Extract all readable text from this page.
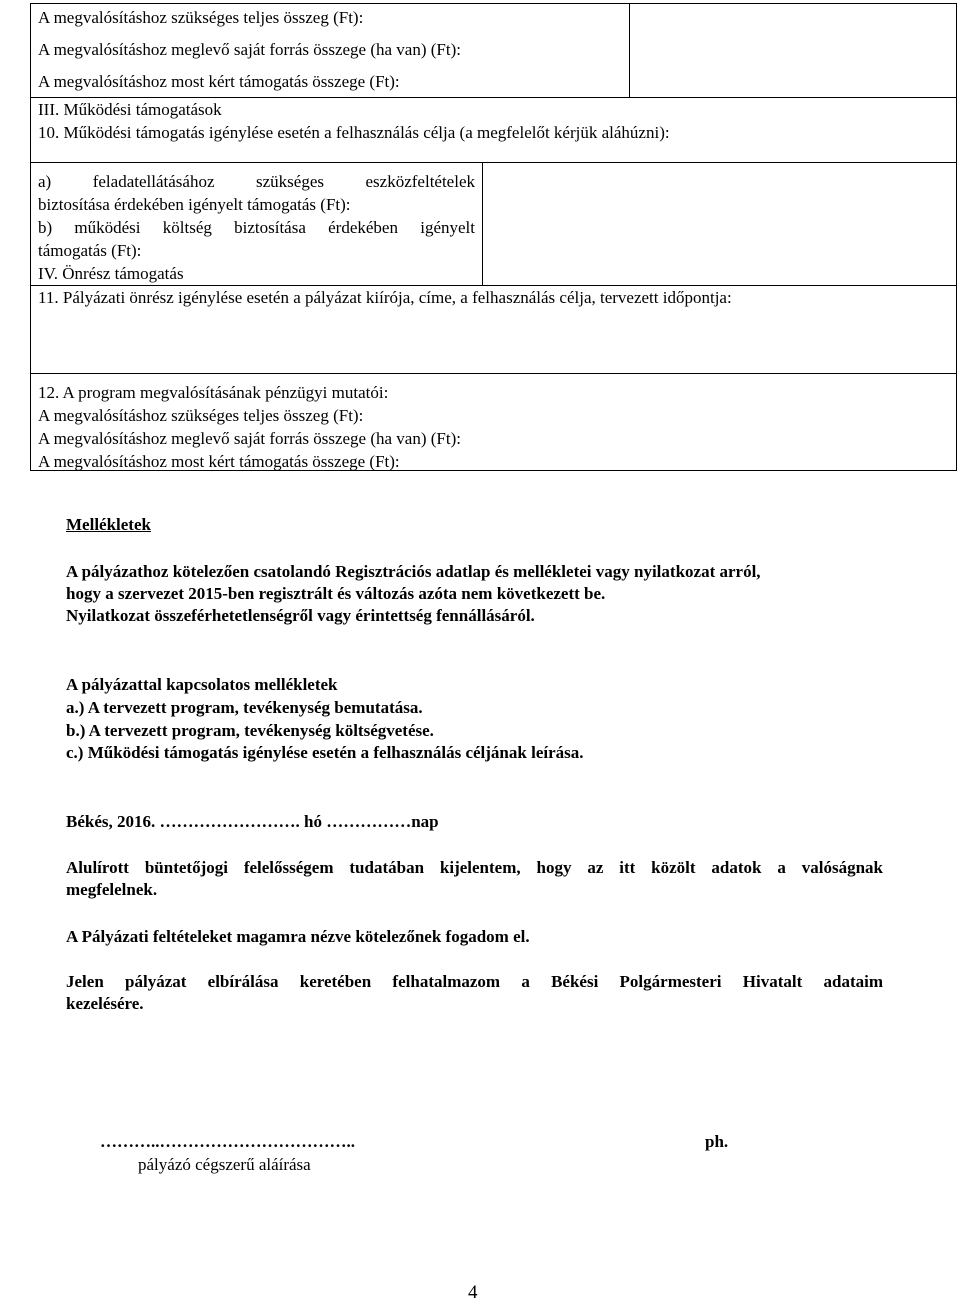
A megvalósításhoz szükséges teljes összeg (Ft):
A megvalósításhoz meglevő saját forrás összege (ha van) (Ft):
A megvalósításhoz most kért támogatás összege (Ft):
III. Működési támogatások
10. Működési támogatás igénylése esetén a felhasználás célja (a megfelelőt kérjük aláhúzni):
a) feladatellátásához szükséges eszközfeltételek
biztosítása érdekében igényelt támogatás (Ft):
b) működési költség biztosítása érdekében igényelt
támogatás (Ft):
IV. Önrész támogatás
11. Pályázati önrész igénylése esetén a pályázat kiírója, címe, a felhasználás célja, tervezett időpontja:
12. A program megvalósításának pénzügyi mutatói:
A megvalósításhoz szükséges teljes összeg (Ft):
A megvalósításhoz meglevő saját forrás összege (ha van) (Ft):
A megvalósításhoz most kért támogatás összege (Ft):
Mellékletek
A pályázathoz kötelezően csatolandó Regisztrációs adatlap és mellékletei vagy nyilatkozat arról,
hogy a szervezet 2015-ben regisztrált és változás azóta nem következett be.
Nyilatkozat összeférhetetlenségről vagy érintettség fennállásáról.
A pályázattal kapcsolatos mellékletek
a.) A tervezett program, tevékenység bemutatása.
b.) A tervezett program, tevékenység költségvetése.
c.) Működési támogatás igénylése esetén a felhasználás céljának leírása.
Békés, 2016. ……………………. hó ……………nap
Alulírott büntetőjogi felelősségem tudatában kijelentem, hogy az itt közölt adatok a valóságnak
megfelelnek.
A Pályázati feltételeket magamra nézve kötelezőnek fogadom el.
Jelen pályázat elbírálása keretében felhatalmazom a Békési Polgármesteri Hivatalt adataim
kezelésére.
………..……………………………..
pályázó cégszerű aláírása
ph.
4
